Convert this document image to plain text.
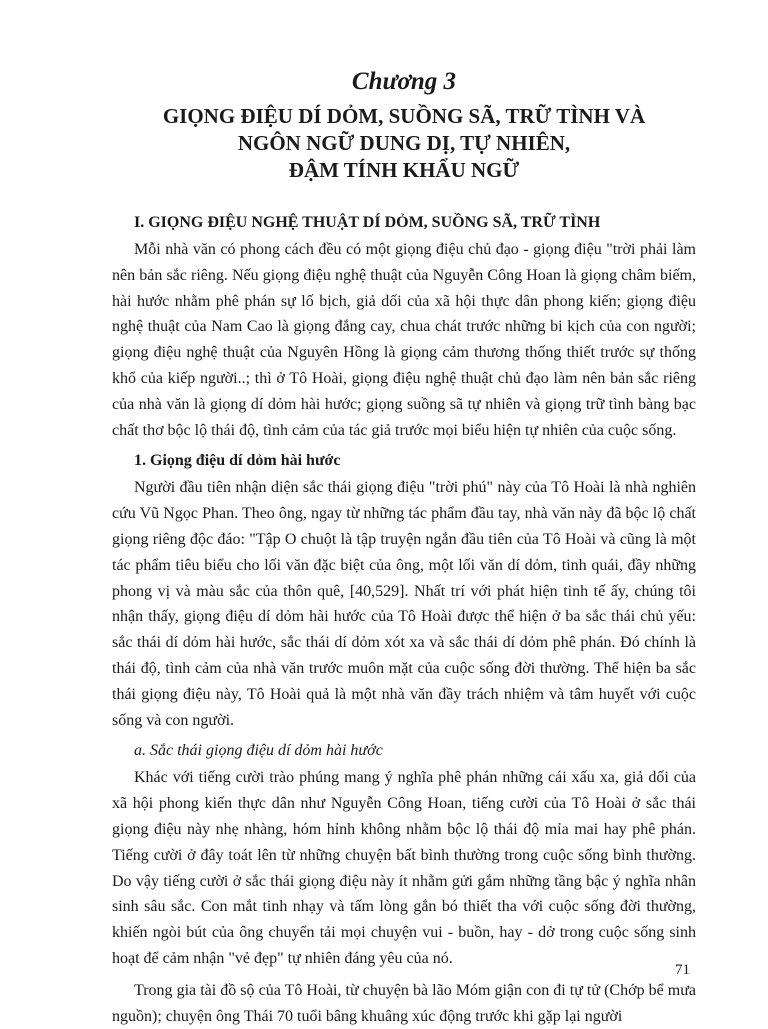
Chương 3

GIỌNG ĐIỆU DÍ DỎM, SUỒNG SÃ, TRỮ TÌNH VÀ

NGÔN NGỮ DUNG DỊ, TỰ NHIÊN,

ĐẬM TÍNH KHẨU NGỮ

I. GIỌNG ĐIỆU NGHỆ THUẬT DÍ DỎM, SUỒNG SÃ, TRỮ TÌNH

Mỗi nhà văn có phong cách đều có một giọng điệu chủ đạo - giọng điệu "trời phải làm nên bản sắc riêng. Nếu giọng điệu nghệ thuật của Nguyễn Công Hoan là giọng châm biếm, hài hước nhằm phê phán sự lố bịch, giả dối của xã hội thực dân phong kiến; giọng điệu nghệ thuật của Nam Cao là giọng đắng cay, chua chát trước những bi kịch của con người; giọng điệu nghệ thuật của Nguyên Hồng là giọng cảm thương thống thiết trước sự thống khổ của kiếp người..; thì ở Tô Hoài, giọng điệu nghệ thuật chủ đạo làm nên bản sắc riêng của nhà văn là giọng dí dỏm hài hước; giọng suồng sã tự nhiên và giọng trữ tình bàng bạc chất thơ bộc lộ thái độ, tình cảm của tác giả trước mọi biểu hiện tự nhiên của cuộc sống.

1. Giọng điệu dí dỏm hài hước

Người đầu tiên nhận diện sắc thái giọng điệu "trời phú" này của Tô Hoài là nhà nghiên cứu Vũ Ngọc Phan. Theo ông, ngay từ những tác phẩm đầu tay, nhà văn này đã bộc lộ chất giọng riêng độc đáo: "Tập O chuột là tập truyện ngắn đầu tiên của Tô Hoài và cũng là một tác phẩm tiêu biểu cho lối văn đặc biệt của ông, một lối văn dí dỏm, tinh quái, đầy những phong vị và màu sắc của thôn quê, [40,529]. Nhất trí với phát hiện tinh tế ấy, chúng tôi nhận thấy, giọng điệu dí dỏm hài hước của Tô Hoài được thể hiện ở ba sắc thái chủ yếu: sắc thái dí dỏm hài hước, sắc thái dí dỏm xót xa và sắc thái dí dỏm phê phán. Đó chính là thái độ, tình cảm của nhà văn trước muôn mặt của cuộc sống đời thường. Thể hiện ba sắc thái giọng điệu này, Tô Hoài quả là một nhà văn đầy trách nhiệm và tâm huyết với cuộc sống và con người.

a. Sắc thái giọng điệu dí dỏm hài hước

Khác với tiếng cười trào phúng mang ý nghĩa phê phán những cái xấu xa, giả dối của xã hội phong kiến thực dân như Nguyễn Công Hoan, tiếng cười của Tô Hoài ở sắc thái giọng điệu này nhẹ nhàng, hóm hỉnh không nhằm bộc lộ thái độ mỉa mai hay phê phán. Tiếng cười ở đây toát lên từ những chuyện bất bình thường trong cuộc sống bình thường. Do vậy tiếng cười ở sắc thái giọng điệu này ít nhằm gửi gắm những tầng bậc ý nghĩa nhân sinh sâu sắc. Con mắt tinh nhạy và tấm lòng gắn bó thiết tha với cuộc sống đời thường, khiến ngòi bút của ông chuyển tải mọi chuyện vui - buồn, hay - dở trong cuộc sống sinh hoạt để cảm nhận "vẻ đẹp" tự nhiên đáng yêu của nó.

Trong gia tài đồ sộ của Tô Hoài, từ chuyện bà lão Móm giận con đi tự tử (Chớp bể mưa nguồn); chuyện ông Thái 70 tuổi bâng khuâng xúc động trước khi gặp lại người

71
